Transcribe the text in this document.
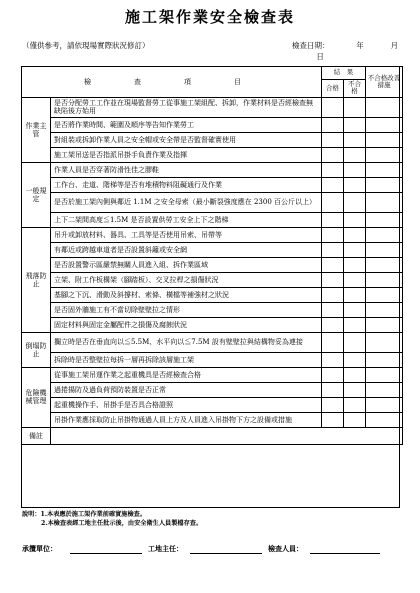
施工架作業安全檢查表
（僅供參考，請依現場實際狀況修訂）	檢查日期：	年	月  日
檢　查　項　目		結　果		不合格改善措施
		合格	不合格	
作業主管	是否分配勞工工作並在現場監督勞工從事施工架組配、拆卸，作業材料是否經檢查無缺陷後方始用			
	是否將作業時間、範圍及順序等告知作業勞工			
	對組裝或拆卸作業人員之安全帽或安全帶是否監督確實使用			
	施工架吊送是否指派吊掛手負責作業及指揮			
一般規定	作業人員是否穿著防滑性佳之膠鞋			
	工作台、走道、階梯等是否有堆積物料阻礙通行及作業			
	是否於施工架內側與鄰近 1.1M 之安全母索（最小斷裂強度應在 2300 百公斤以上）			
	上下二架間高度≦1.5M 是否設置供勞工安全上下之階梯			
飛落防止	吊升或卸放材料、器具、工具等是否使用吊索、吊帶等			
	有鄰近或跨越車道者是否設置斜籬或安全網			
	是否設置警示區嚴禁無關人員進入組、拆作業區域			
	立架、附工作板構架（腳踏板）、交叉拉桿之損傷狀況			
	基腳之下沉、滑動及斜撐材、索條、橫檔等補強材之狀況			
	是否固外牆施工有不當切除壁壁拉之情形			
	固定材料與固定金屬配件之損傷及腐蝕狀況			
倒塌防止	攔立時是否在垂直向以≦5.5M、水平向以≦7.5M 設有壁壁拉與結構物妥為連接			
	拆除時是否整壁拉每拆一層再拆除該層施工架			
危險機械管理	從事施工架吊運作業之起重機具是否經檢查合格			
	過捲揚防及過負荷預防裝置是否正常			
	起重機操作手、吊掛手是否具合格證照			
	吊掛作業應採取防止吊掛物通過人員上方及人員進入吊掛物下方之設備或措施			
備註				
說明：1.本表應於施工架作業前確實施檢查。
2.本檢查表經工地主任批示後，由安全衛生人員製檔存查。
承攬單位：	工地主任：	檢查人員：
